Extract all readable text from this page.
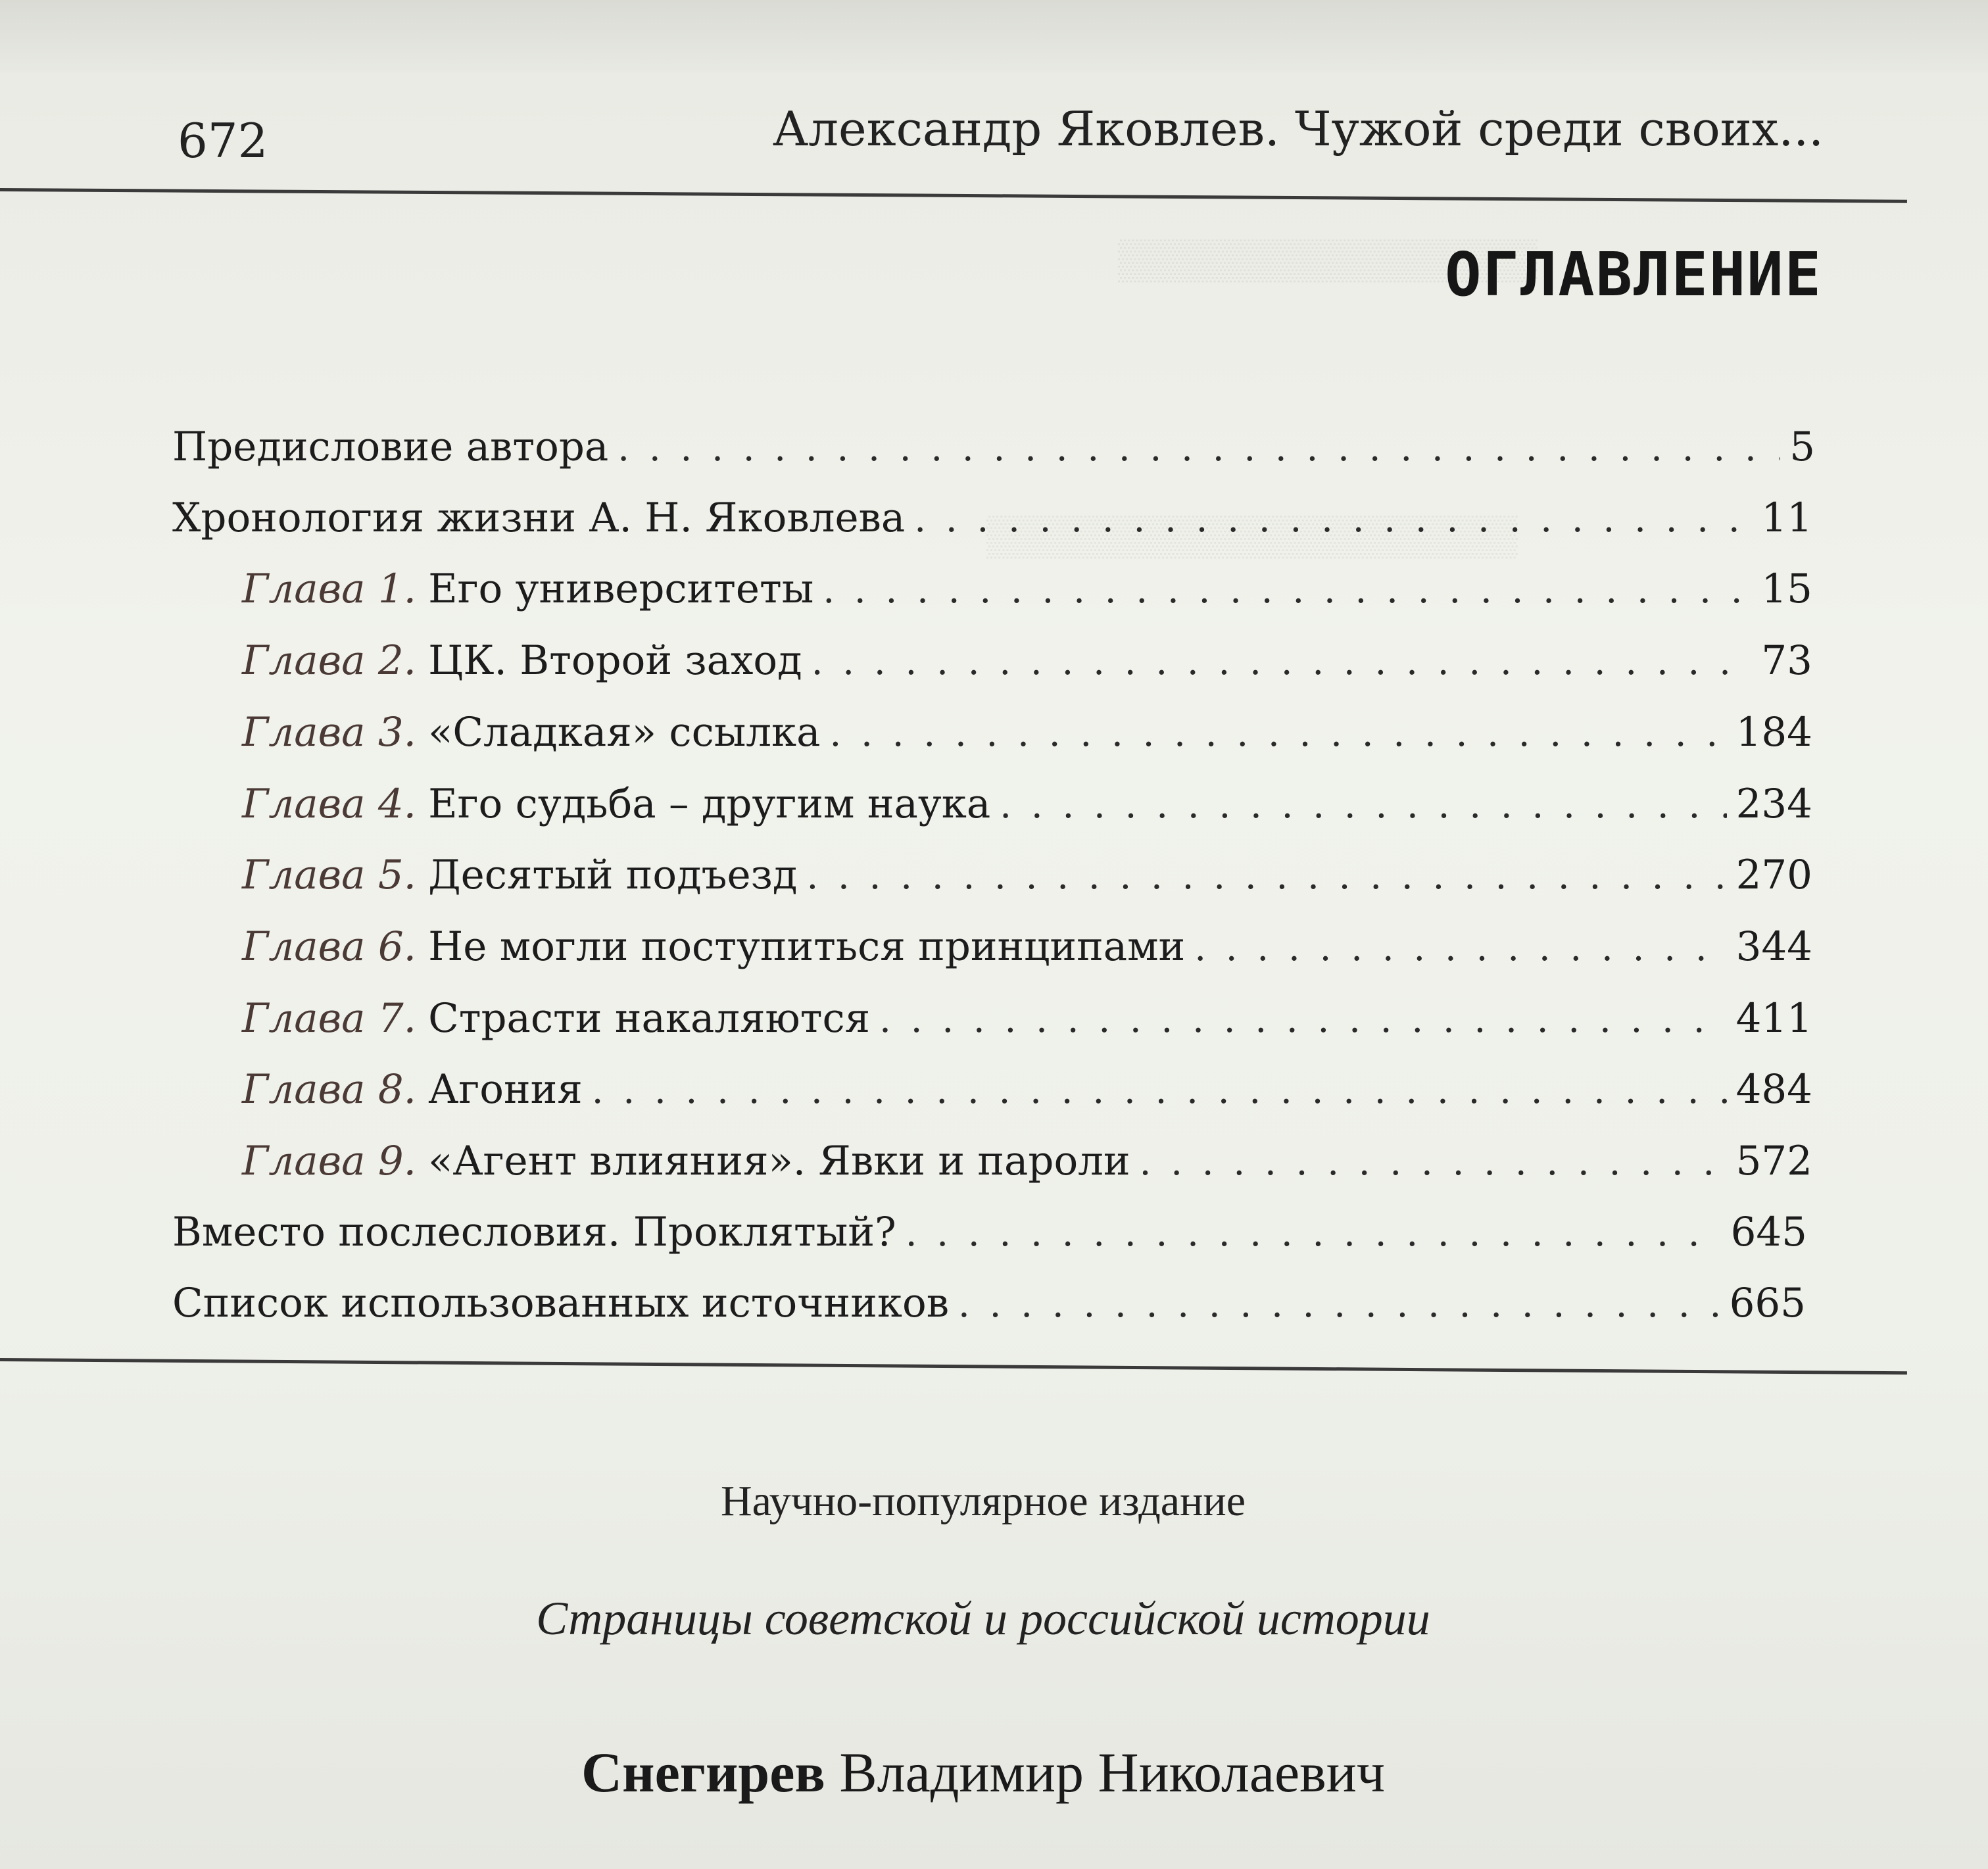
▒▒▒▒▒▒▒▒▒▒▒▒▒▒▒
▒▒▒▒▒▒▒▒▒▒▒▒▒▒▒▒▒▒▒
672	Александр Яковлев. Чужой среди своих...
ОГЛАВЛЕНИЕ
Предисловие автора . . .	5
Хронология жизни А. Н. Яковлева . . .	11
Глава 1. Его университеты . . .	15
Глава 2. ЦК. Второй заход . . .	73
Глава 3. «Сладкая» ссылка . . .	184
Глава 4. Его судьба – другим наука . . .	234
Глава 5. Десятый подъезд . . .	270
Глава 6. Не могли поступиться принципами . . .	344
Глава 7. Страсти накаляются . . .	411
Глава 8. Агония . . .	484
Глава 9. «Агент влияния». Явки и пароли . . .	572
Вместо послесловия. Проклятый? . . .	645
Список использованных источников . . .	665
Научно-популярное издание
Страницы советской и российской истории
Снегирев Владимир Николаевич
